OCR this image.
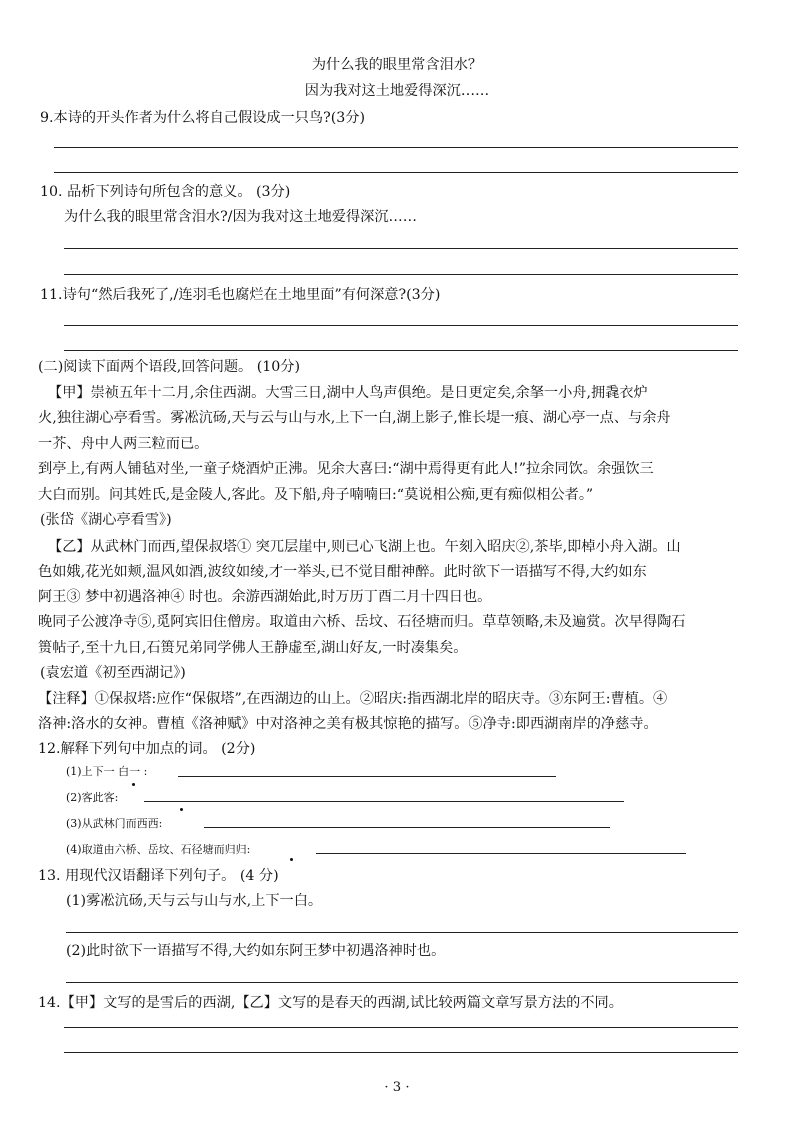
为什么我的眼里常含泪水？
因为我对这土地爱得深沉……
9.本诗的开头作者为什么将自己假设成一只鸟?(3分)
10. 品析下列诗句所包含的意义。 (3分)
为什么我的眼里常含泪水?/因为我对这土地爱得深沉……
11.诗句“然后我死了,/连羽毛也腐烂在土地里面”有何深意?(3分)
(二)阅读下面两个语段,回答问题。 (10分)
【甲】崇祯五年十二月,余住西湖。大雪三日,湖中人鸟声俱绝。是日更定矣,余拏一小舟,拥毳衣炉
火,独往湖心亭看雪。雾凇沆砀,天与云与山与水,上下一白,湖上影子,惟长堤一痕、湖心亭一点、与余舟
一芥、舟中人两三粒而已。
到亭上,有两人铺毡对坐,一童子烧酒炉正沸。见余大喜曰:“湖中焉得更有此人!”拉余同饮。余强饮三
大白而别。问其姓氏,是金陵人,客此。及下船,舟子喃喃曰:“莫说相公痴,更有痴似相公者。”
(张岱《湖心亭看雪》)
【乙】从武林门而西,望保叔塔① 突兀层崖中,则已心飞湖上也。午刻入昭庆②,茶毕,即棹小舟入湖。山
色如娥,花光如颊,温风如酒,波纹如绫,才一举头,已不觉目酣神醉。此时欲下一语描写不得,大约如东
阿王③ 梦中初遇洛神④ 时也。余游西湖始此,时万历丁酉二月十四日也。
晚同子公渡净寺⑤,觅阿宾旧住僧房。取道由六桥、岳坟、石径塘而归。草草领略,未及遍赏。次早得陶石
篑帖子,至十九日,石篑兄弟同学佛人王静虚至,湖山好友,一时凑集矣。
(袁宏道《初至西湖记》)
【注释】①保叔塔:应作“保俶塔”,在西湖边的山上。②昭庆:指西湖北岸的昭庆寺。③东阿王:曹植。④
洛神:洛水的女神。曹植《洛神赋》中对洛神之美有极其惊艳的描写。⑤净寺:即西湖南岸的净慈寺。
12.解释下列句中加点的词。 (2分)
(1)上下一 白一 :
(2)客此客:
(3)从武林门而西西:
(4)取道由六桥、岳坟、石径塘而归归:
13. 用现代汉语翻译下列句子。 (4 分)
(1)雾凇沆砀,天与云与山与水,上下一白。
(2)此时欲下一语描写不得,大约如东阿王梦中初遇洛神时也。
14.【甲】文写的是雪后的西湖,【乙】文写的是春天的西湖,试比较两篇文章写景方法的不同。
· 3 ·
